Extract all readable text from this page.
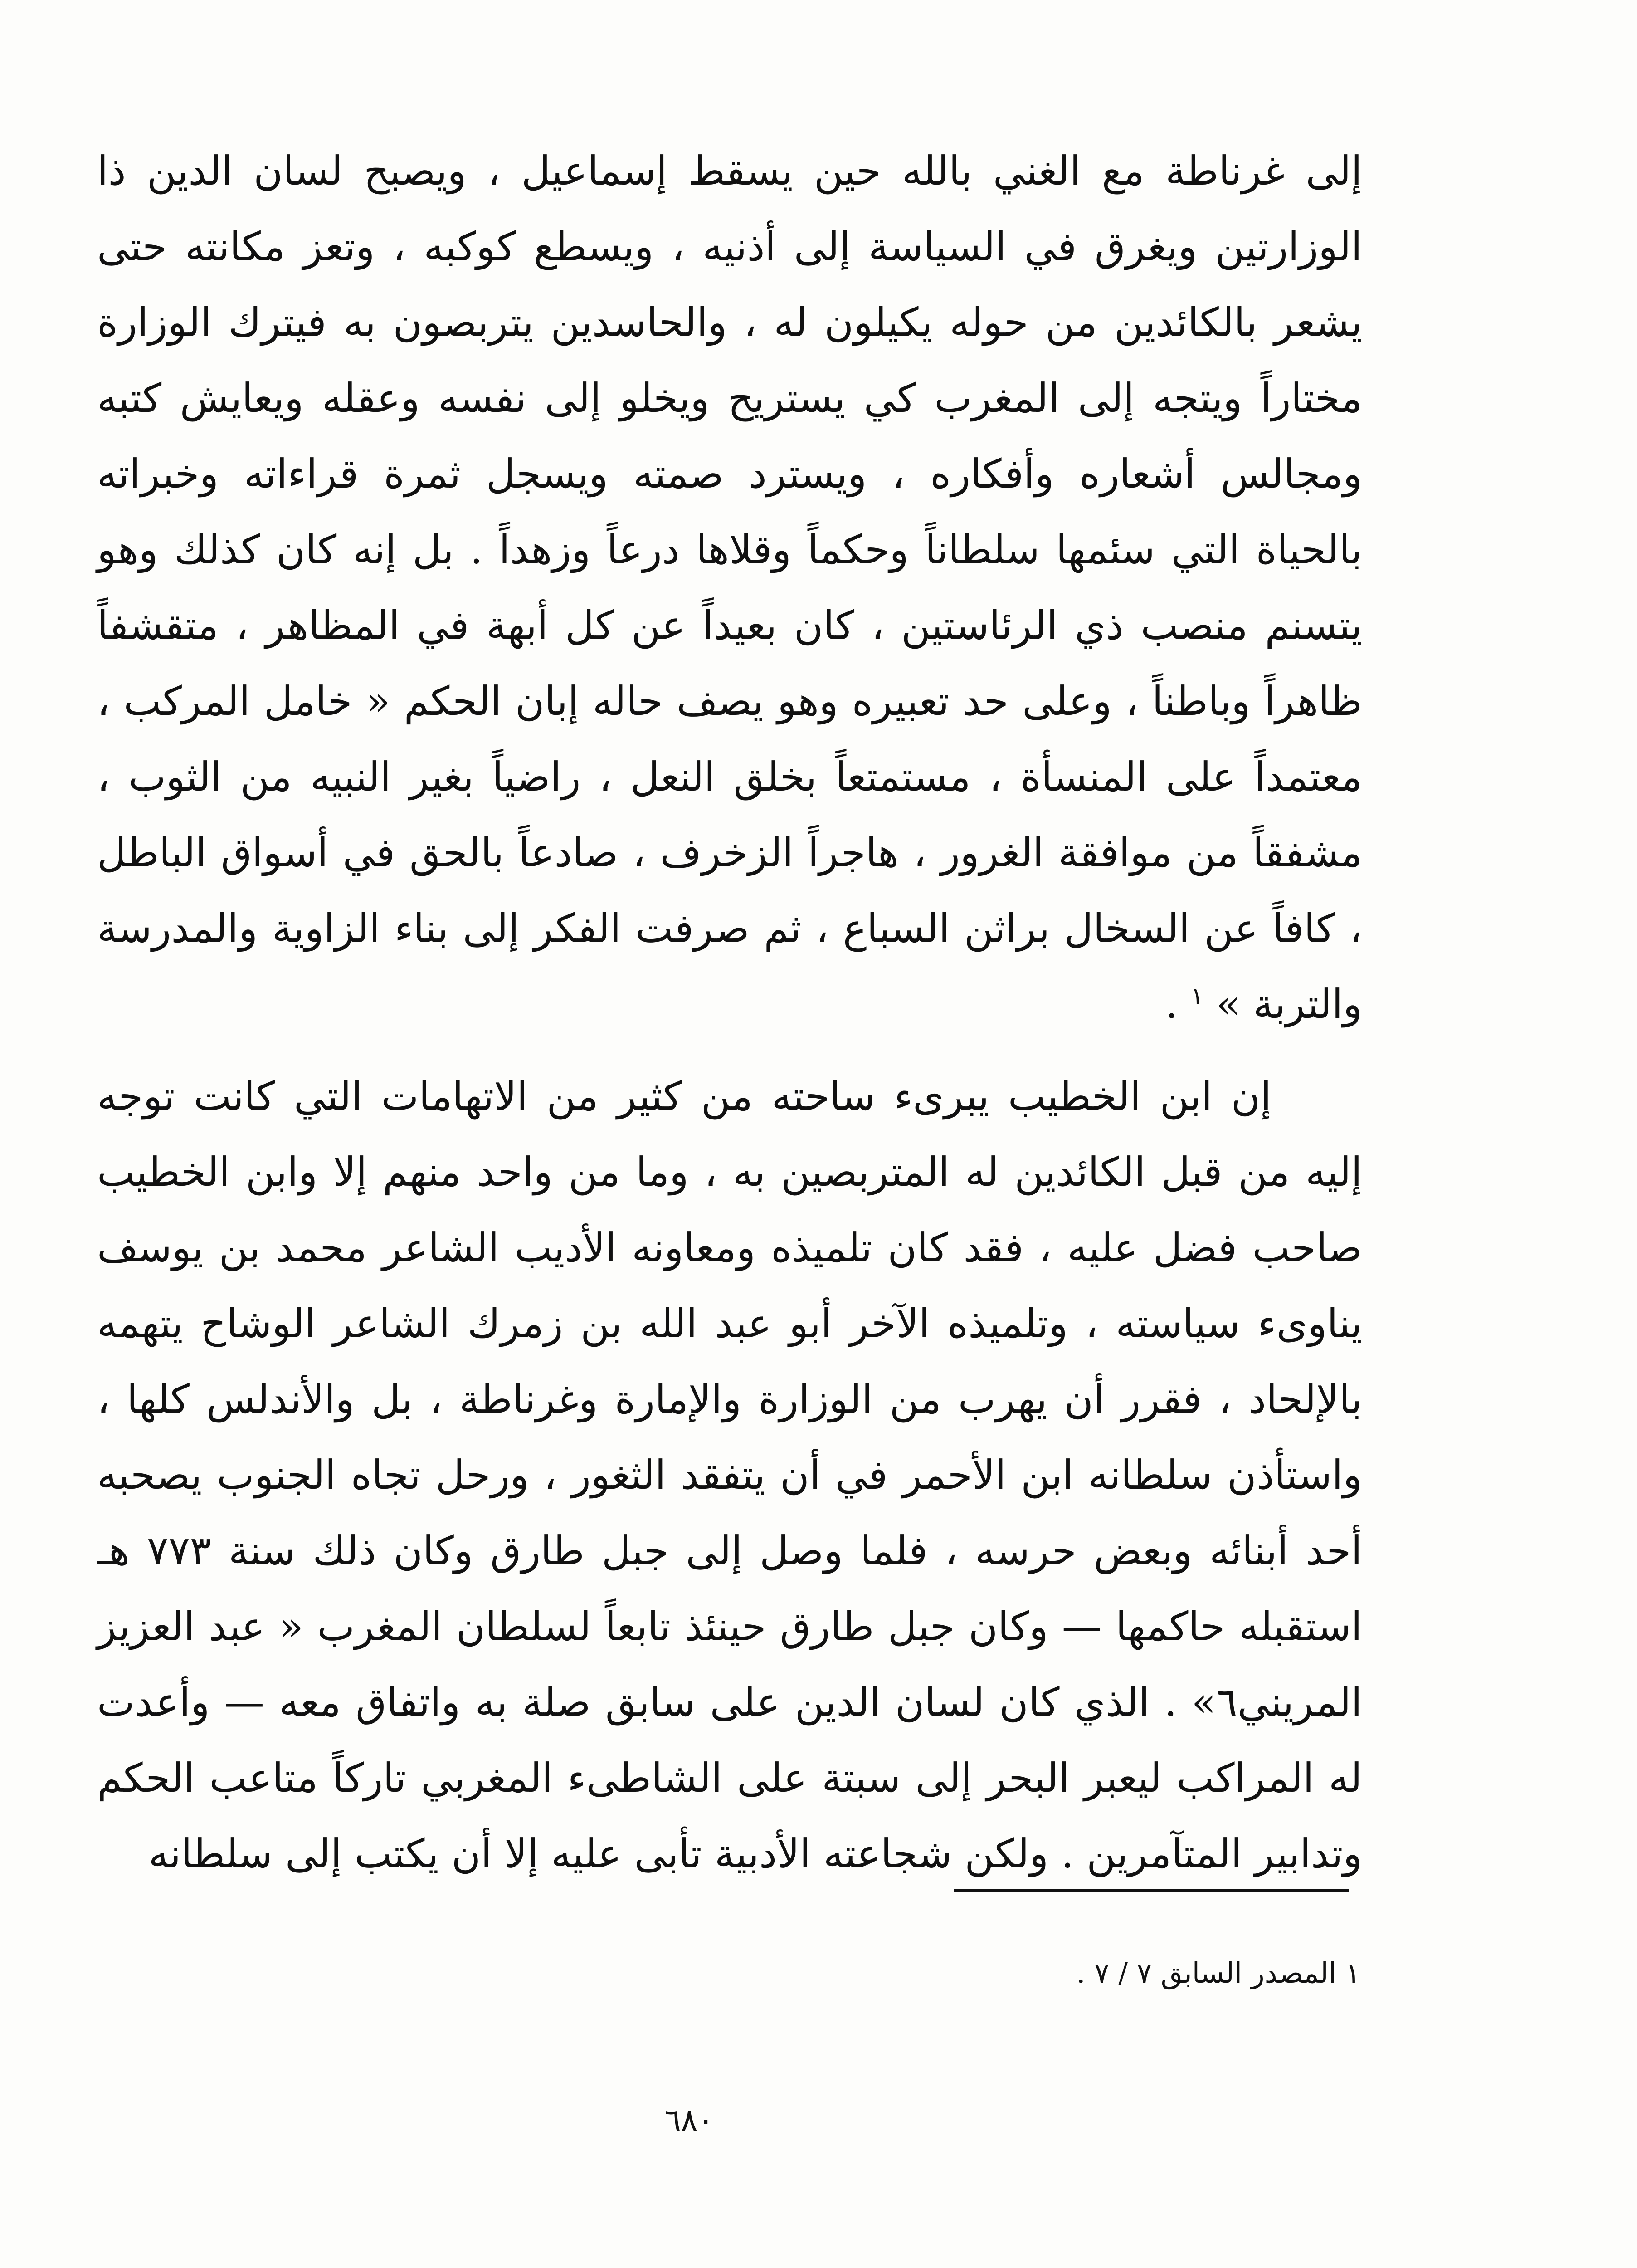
إلى غرناطة مع الغني بالله حين يسقط إسماعيل ، ويصبح لسان الدين ذا الوزارتين ويغرق في السياسة إلى أذنيه ، ويسطع كوكبه ، وتعز مكانته حتى يشعر بالكائدين من حوله يكيلون له ، والحاسدين يتربصون به فيترك الوزارة مختاراً ويتجه إلى المغرب كي يستريح ويخلو إلى نفسه وعقله ويعايش كتبه ومجالس أشعاره وأفكاره ، ويسترد صمته ويسجل ثمرة قراءاته وخبراته بالحياة التي سئمها سلطاناً وحكماً وقلاها درعاً وزهداً . بل إنه كان كذلك وهو يتسنم منصب ذي الرئاستين ، كان بعيداً عن كل أبهة في المظاهر ، متقشفاً ظاهراً وباطناً ، وعلى حد تعبيره وهو يصف حاله إبان الحكم « خامل المركب ، معتمداً على المنسأة ، مستمتعاً بخلق النعل ، راضياً بغير النبيه من الثوب ، مشفقاً من موافقة الغرور ، هاجراً الزخرف ، صادعاً بالحق في أسواق الباطل ، كافاً عن السخال براثن السباع ، ثم صرفت الفكر إلى بناء الزاوية والمدرسة والتربة » $^١$ .

إن ابن الخطيب يبرىء ساحته من كثير من الاتهامات التي كانت توجه إليه من قبل الكائدين له المتربصين به ، وما من واحد منهم إلا وابن الخطيب صاحب فضل عليه ، فقد كان تلميذه ومعاونه الأديب الشاعر محمد بن يوسف يناوىء سياسته ، وتلميذه الآخر أبو عبد الله بن زمرك الشاعر الوشاح يتهمه بالإلحاد ، فقرر أن يهرب من الوزارة والإمارة وغرناطة ، بل والأندلس كلها ، واستأذن سلطانه ابن الأحمر في أن يتفقد الثغور ، ورحل تجاه الجنوب يصحبه أحد أبنائه وبعض حرسه ، فلما وصل إلى جبل طارق وكان ذلك سنة ٧٧٣ هـ استقبله حاكمها — وكان جبل طارق حينئذ تابعاً لسلطان المغرب « عبد العزيز المريني٦» . الذي كان لسان الدين على سابق صلة به واتفاق معه — وأعدت له المراكب ليعبر البحر إلى سبتة على الشاطىء المغربي تاركاً متاعب الحكم وتدابير المتآمرين . ولكن شجاعته الأدبية تأبى عليه إلا أن يكتب إلى سلطانه

١ المصدر السابق ٧ / ٧ .
٦٨٠
